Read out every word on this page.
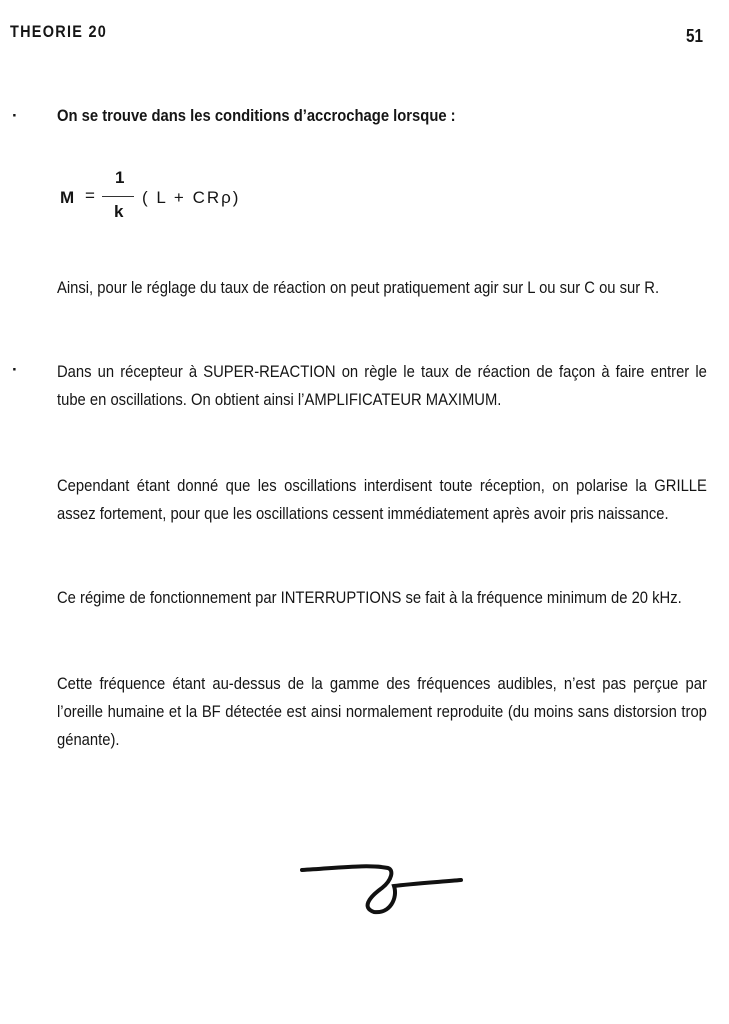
THEORIE 20	51
· On se trouve dans les conditions d’accrochage lorsque :
M =
1
k
( L + CRρ)
Ainsi, pour le réglage du taux de réaction on peut pratiquement agir sur L ou sur C ou sur R.
· Dans un récepteur à SUPER-REACTION on règle le taux de réaction de façon à faire entrer le tube en oscillations. On obtient ainsi l’AMPLIFICATEUR MAXIMUM.
Cependant étant donné que les oscillations interdisent toute réception, on polarise la GRILLE assez fortement, pour que les oscillations cessent immédiatement après avoir pris naissance.
Ce régime de fonctionnement par INTERRUPTIONS se fait à la fréquence minimum de 20 kHz.
Cette fréquence étant au-dessus de la gamme des fréquences audibles, n’est pas perçue par l’oreille humaine et la BF détectée est ainsi normalement reproduite (du moins sans distorsion trop génante).
